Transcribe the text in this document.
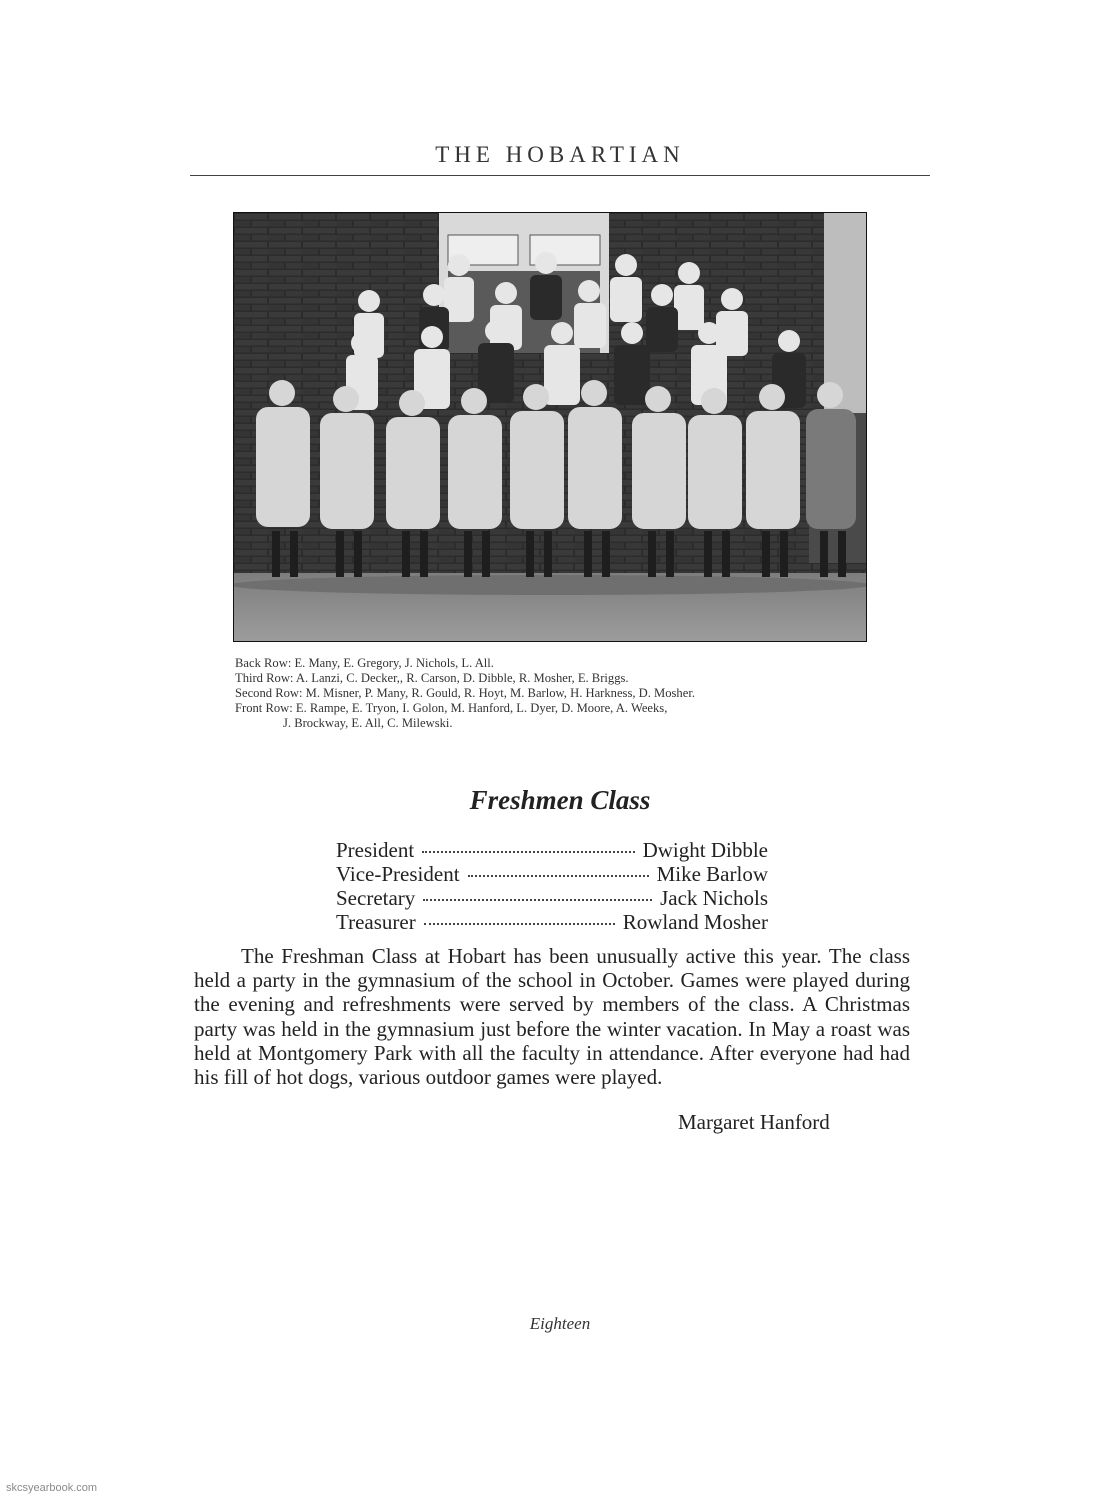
THE HOBARTIAN
Back Row: E. Many, E. Gregory, J. Nichols, L. All.
Third Row: A. Lanzi, C. Decker,, R. Carson, D. Dibble, R. Mosher, E. Briggs.
Second Row: M. Misner, P. Many, R. Gould, R. Hoyt, M. Barlow, H. Harkness, D. Mosher.
Front Row: E. Rampe, E. Tryon, I. Golon, M. Hanford, L. Dyer, D. Moore, A. Weeks,
J. Brockway, E. All, C. Milewski.
Freshmen Class
President	Dwight Dibble
Vice-President	Mike Barlow
Secretary	Jack Nichols
Treasurer	Rowland Mosher
The Freshman Class at Hobart has been unusually active this year. The class held a party in the gymnasium of the school in October. Games were played during the evening and refreshments were served by members of the class. A Christmas party was held in the gymnasium just before the winter vacation. In May a roast was held at Montgomery Park with all the faculty in attendance. After everyone had had his fill of hot dogs, various outdoor games were played.
Margaret Hanford
Eighteen
skcsyearbook.com
